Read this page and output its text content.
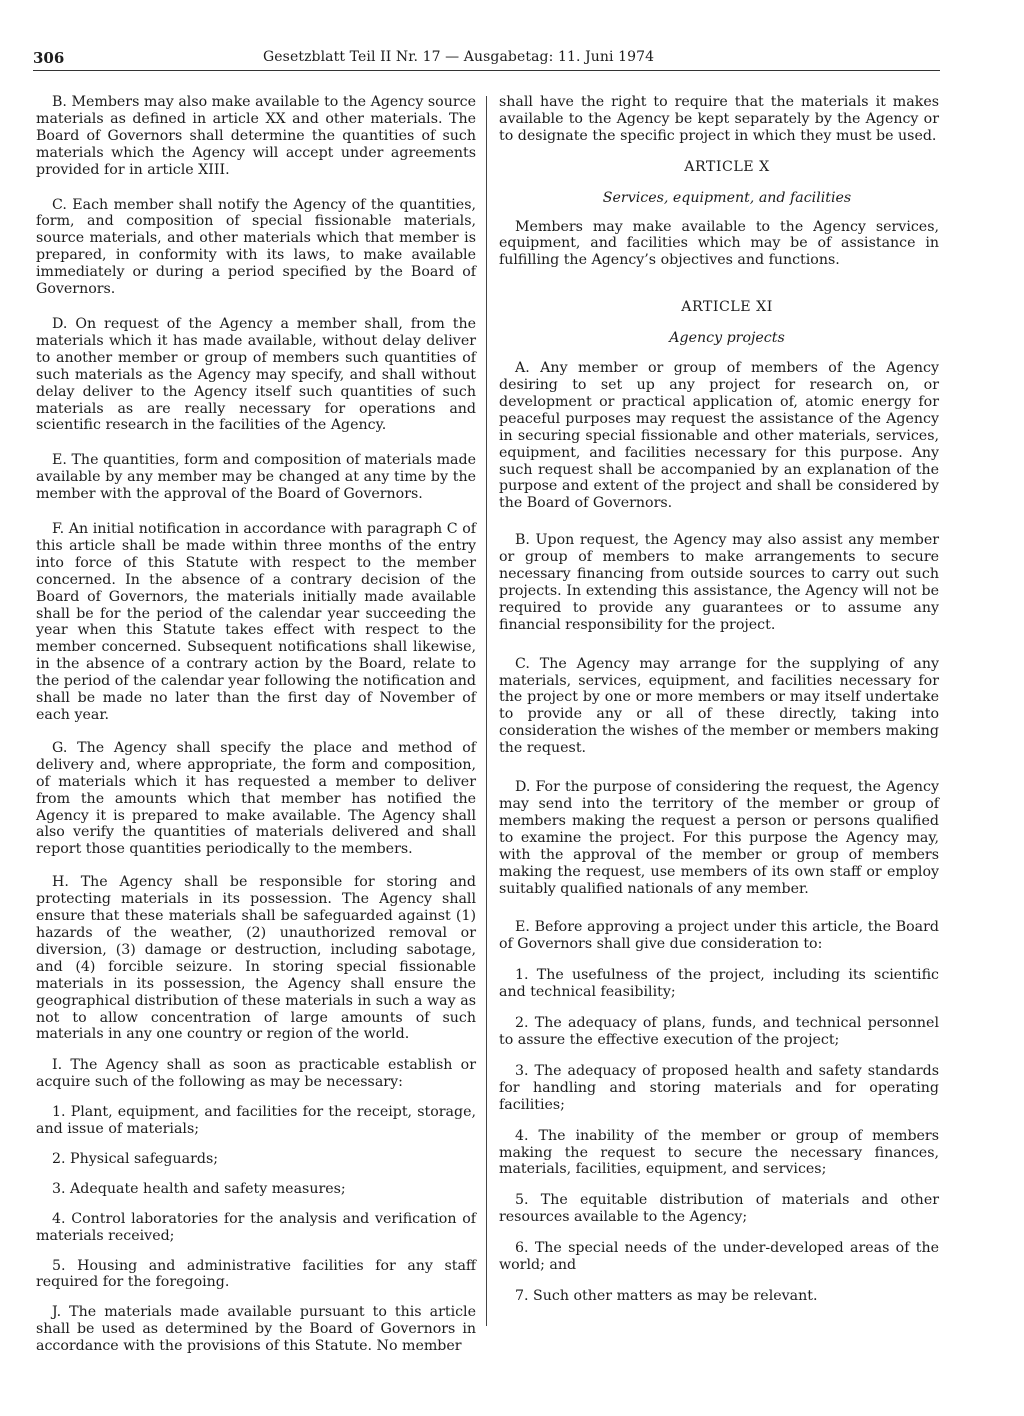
306	Gesetzblatt Teil II Nr. 17 — Ausgabetag: 11. Juni 1974

B. Members may also make available to the Agency source materials as defined in article XX and other materials. The Board of Governors shall determine the quantities of such materials which the Agency will accept under agreements provided for in article XIII.

C. Each member shall notify the Agency of the quantities, form, and composition of special fissionable materials, source materials, and other materials which that member is prepared, in conformity with its laws, to make available immediately or during a period specified by the Board of Governors.

D. On request of the Agency a member shall, from the materials which it has made available, without delay deliver to another member or group of members such quantities of such materials as the Agency may specify, and shall without delay deliver to the Agency itself such quantities of such materials as are really necessary for operations and scientific research in the facilities of the Agency.

E. The quantities, form and composition of materials made available by any member may be changed at any time by the member with the approval of the Board of Governors.

F. An initial notification in accordance with paragraph C of this article shall be made within three months of the entry into force of this Statute with respect to the member concerned. In the absence of a contrary decision of the Board of Governors, the materials initially made available shall be for the period of the calendar year succeeding the year when this Statute takes effect with respect to the member concerned. Subsequent notifications shall likewise, in the absence of a contrary action by the Board, relate to the period of the calendar year following the notification and shall be made no later than the first day of November of each year.

G. The Agency shall specify the place and method of delivery and, where appropriate, the form and composition, of materials which it has requested a member to deliver from the amounts which that member has notified the Agency it is prepared to make available. The Agency shall also verify the quantities of materials delivered and shall report those quantities periodically to the members.

H. The Agency shall be responsible for storing and protecting materials in its possession. The Agency shall ensure that these materials shall be safeguarded against (1) hazards of the weather, (2) unauthorized removal or diversion, (3) damage or destruction, including sabotage, and (4) forcible seizure. In storing special fissionable materials in its possession, the Agency shall ensure the geographical distribution of these materials in such a way as not to allow concentration of large amounts of such materials in any one country or region of the world.

I. The Agency shall as soon as practicable establish or acquire such of the following as may be necessary:

1. Plant, equipment, and facilities for the receipt, storage, and issue of materials;

2. Physical safeguards;

3. Adequate health and safety measures;

4. Control laboratories for the analysis and verification of materials received;

5. Housing and administrative facilities for any staff required for the foregoing.

J. The materials made available pursuant to this article shall be used as determined by the Board of Governors in accordance with the provisions of this Statute. No member

shall have the right to require that the materials it makes available to the Agency be kept separately by the Agency or to designate the specific project in which they must be used.

ARTICLE X

Services, equipment, and facilities

Members may make available to the Agency services, equipment, and facilities which may be of assistance in fulfilling the Agency’s objectives and functions.

ARTICLE XI

Agency projects

A. Any member or group of members of the Agency desiring to set up any project for research on, or development or practical application of, atomic energy for peaceful purposes may request the assistance of the Agency in securing special fissionable and other materials, services, equipment, and facilities necessary for this purpose. Any such request shall be accompanied by an explanation of the purpose and extent of the project and shall be considered by the Board of Governors.

B. Upon request, the Agency may also assist any member or group of members to make arrangements to secure necessary financing from outside sources to carry out such projects. In extending this assistance, the Agency will not be required to provide any guarantees or to assume any financial responsibility for the project.

C. The Agency may arrange for the supplying of any materials, services, equipment, and facilities necessary for the project by one or more members or may itself undertake to provide any or all of these directly, taking into consideration the wishes of the member or members making the request.

D. For the purpose of considering the request, the Agency may send into the territory of the member or group of members making the request a person or persons qualified to examine the project. For this purpose the Agency may, with the approval of the member or group of members making the request, use members of its own staff or employ suitably qualified nationals of any member.

E. Before approving a project under this article, the Board of Governors shall give due consideration to:

1. The usefulness of the project, including its scientific and technical feasibility;

2. The adequacy of plans, funds, and technical personnel to assure the effective execution of the project;

3. The adequacy of proposed health and safety standards for handling and storing materials and for operating facilities;

4. The inability of the member or group of members making the request to secure the necessary finances, materials, facilities, equipment, and services;

5. The equitable distribution of materials and other resources available to the Agency;

6. The special needs of the under-developed areas of the world; and

7. Such other matters as may be relevant.
